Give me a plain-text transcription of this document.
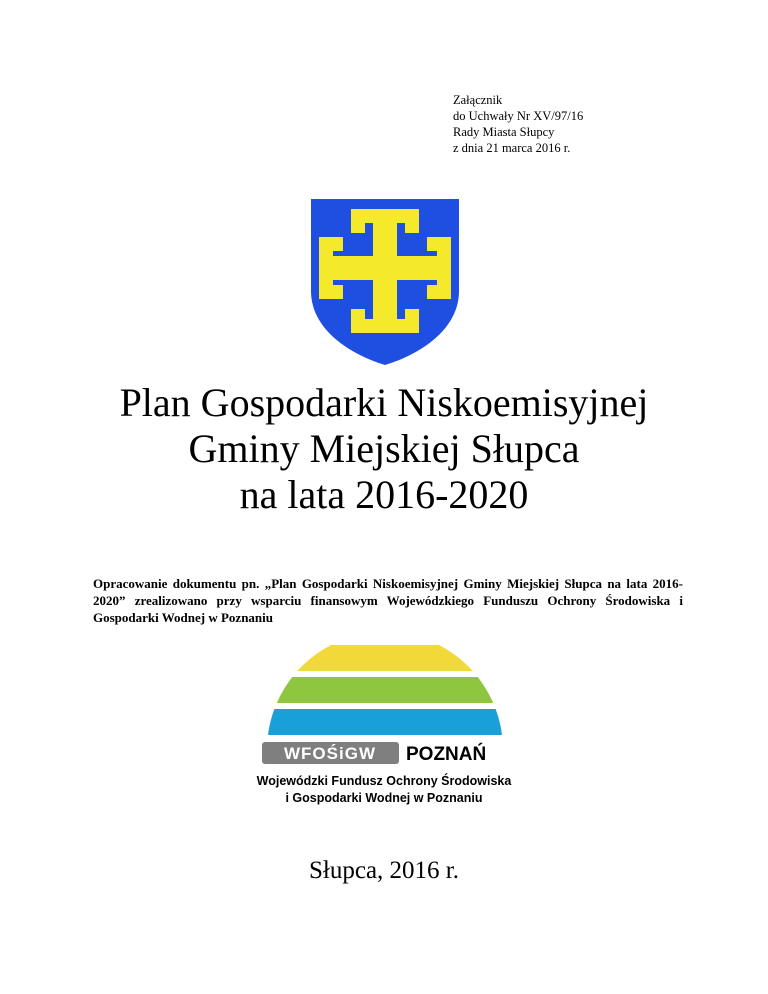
Załącznik
do Uchwały Nr XV/97/16
Rady Miasta Słupcy
z dnia 21 marca 2016 r.
Plan Gospodarki Niskoemisyjnej
Gminy Miejskiej Słupca
na lata 2016-2020
Opracowanie dokumentu pn. „Plan Gospodarki Niskoemisyjnej Gminy Miejskiej Słupca na lata 2016-2020” zrealizowano przy wsparciu finansowym Wojewódzkiego Funduszu Ochrony Środowiska i Gospodarki Wodnej w Poznaniu
WFOŚiGW POZNAŃ
Wojewódzki Fundusz Ochrony Środowiska
i Gospodarki Wodnej w Poznaniu
Słupca, 2016 r.
